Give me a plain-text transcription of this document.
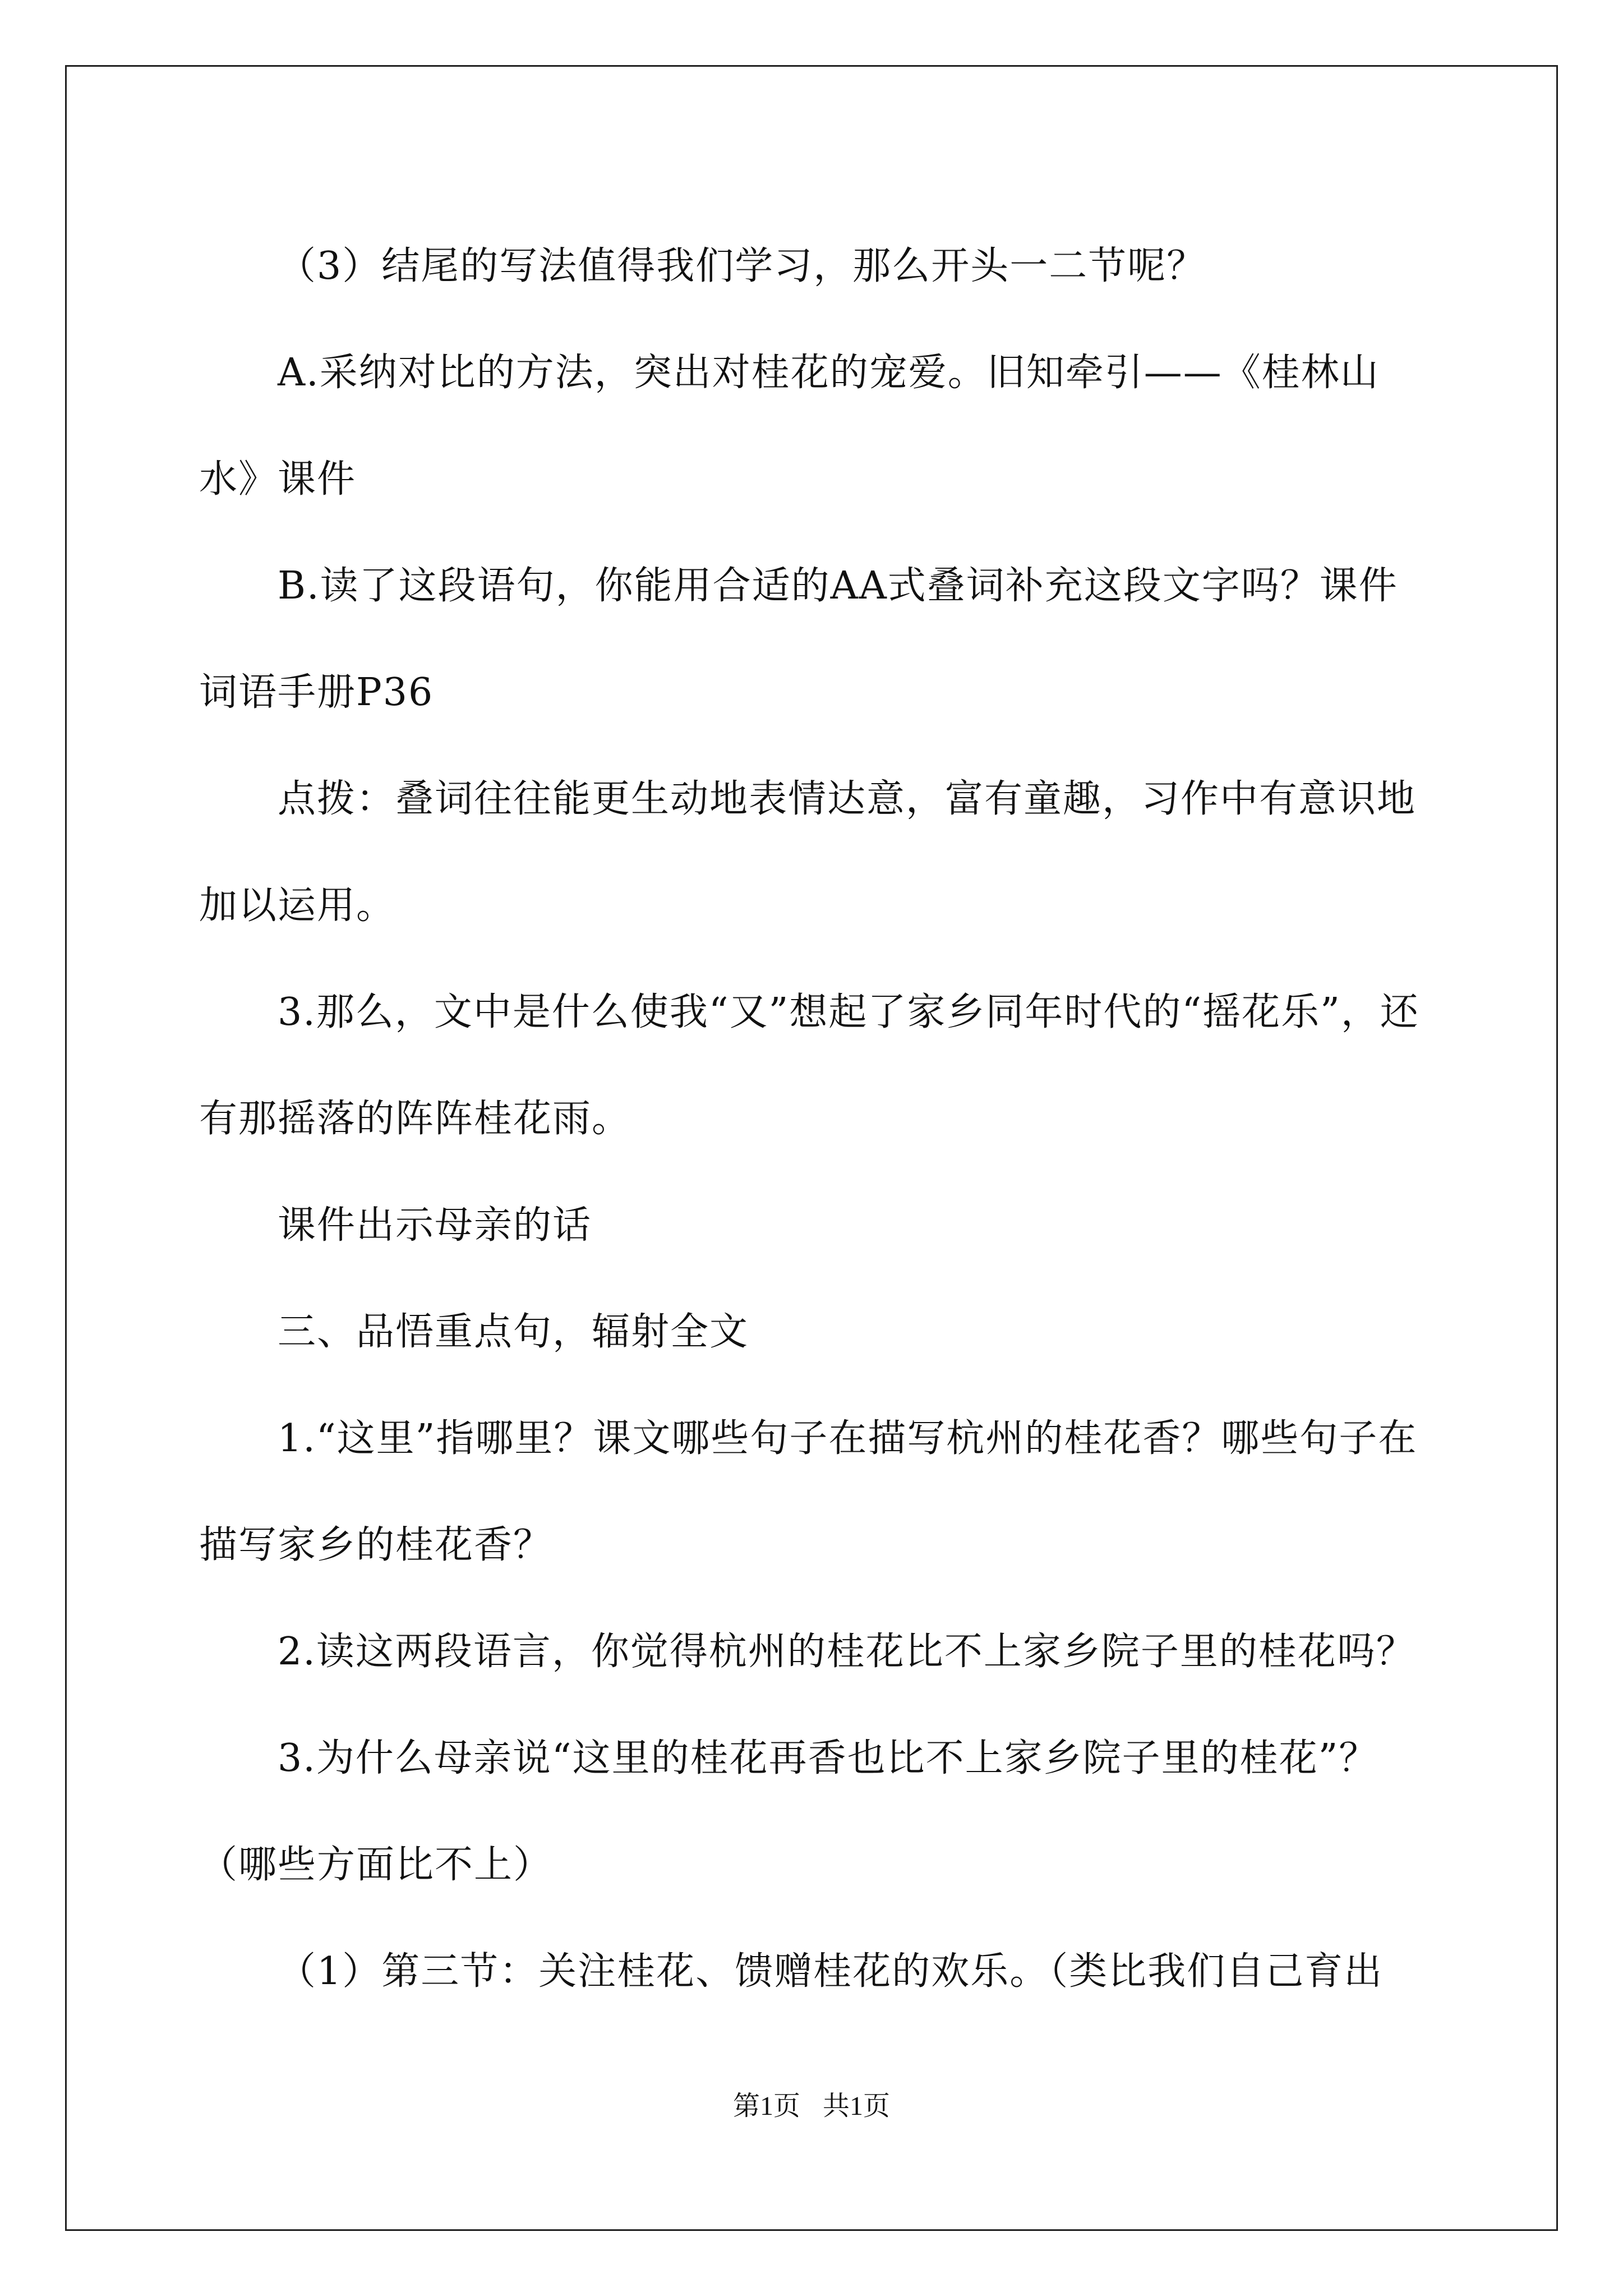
（3）结尾的写法值得我们学习，那么开头一二节呢？

A.采纳对比的方法，突出对桂花的宠爱。旧知牵引——《桂林山水》课件

B.读了这段语句，你能用合适的AA式叠词补充这段文字吗？课件词语手册P36

点拨：叠词往往能更生动地表情达意，富有童趣，习作中有意识地加以运用。

3.那么，文中是什么使我“又”想起了家乡同年时代的“摇花乐”，还有那摇落的阵阵桂花雨。

课件出示母亲的话

三、品悟重点句，辐射全文

1.“这里”指哪里？课文哪些句子在描写杭州的桂花香？哪些句子在描写家乡的桂花香？

2.读这两段语言，你觉得杭州的桂花比不上家乡院子里的桂花吗？

3.为什么母亲说“这里的桂花再香也比不上家乡院子里的桂花”？（哪些方面比不上）

（1）第三节：关注桂花、馈赠桂花的欢乐。（类比我们自己育出

第1页 共1页
